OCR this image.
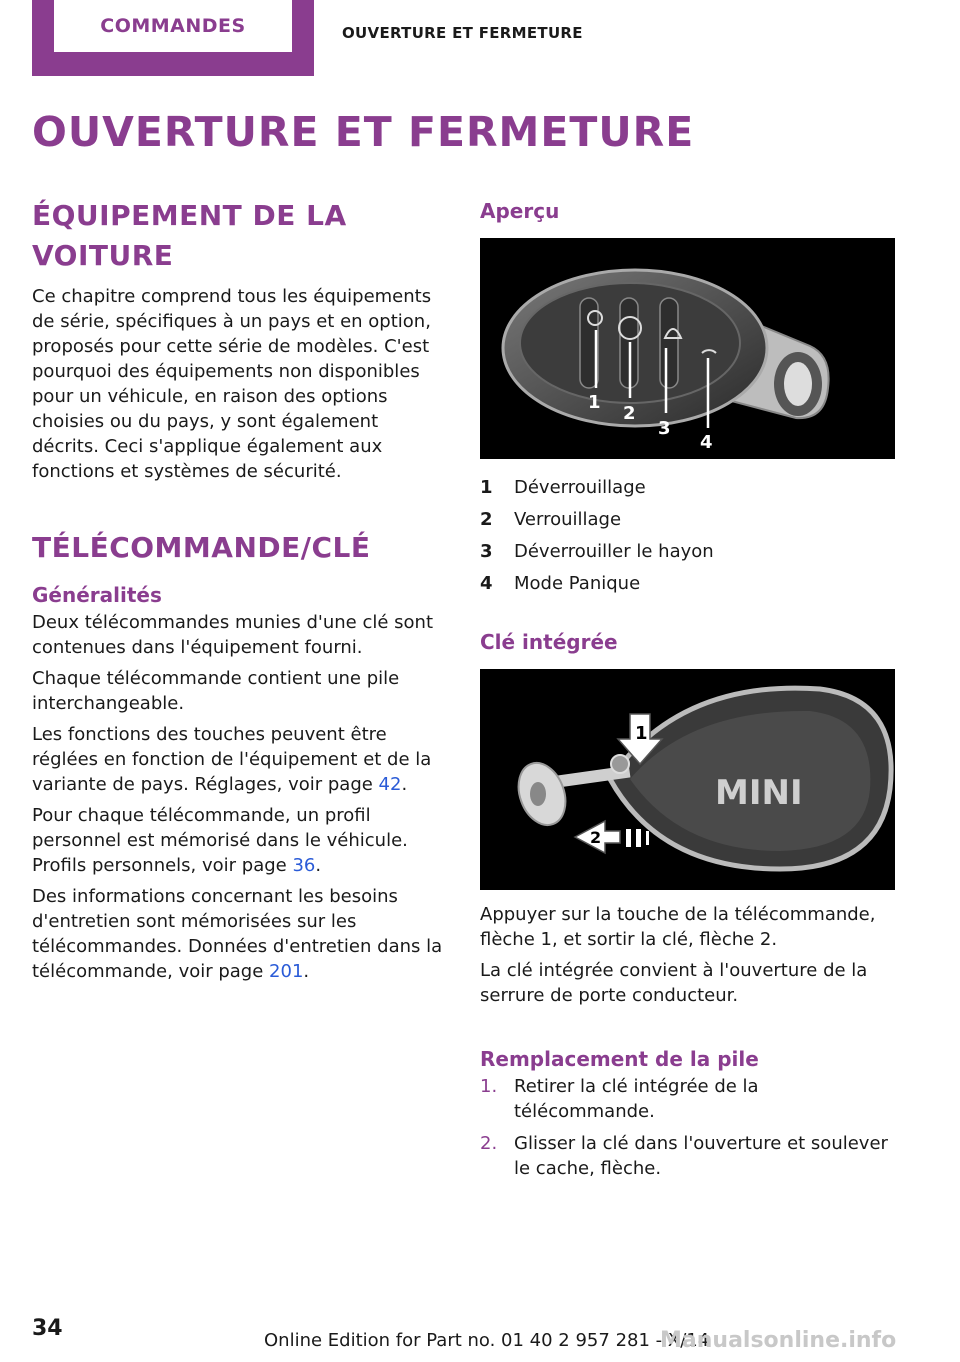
COMMANDES	OUVERTURE ET FERMETURE
OUVERTURE ET FERMETURE
ÉQUIPEMENT DE LA VOITURE

Ce chapitre comprend tous les équipements de série, spécifiques à un pays et en option, proposés pour cette série de modèles. C'est pourquoi des équipements non disponibles pour un véhicule, en raison des options choisies ou du pays, y sont également décrits. Ceci s'applique également aux fonctions et systèmes de sécurité.

TÉLÉCOMMANDE/CLÉ
Généralités

Deux télécommandes munies d'une clé sont contenues dans l'équipement fourni.

Chaque télécommande contient une pile interchangeable.

Les fonctions des touches peuvent être réglées en fonction de l'équipement et de la variante de pays. Réglages, voir page 42.

Pour chaque télécommande, un profil personnel est mémorisé dans le véhicule. Profils personnels, voir page 36.

Des informations concernant les besoins d'entretien sont mémorisées sur les télécommandes. Données d'entretien dans la télécommande, voir page 201.

Aperçu
1
2
3
4
1	Déverrouillage
2	Verrouillage
3	Déverrouiller le hayon
4	Mode Panique
Clé intégrée
MINI
1
2

Appuyer sur la touche de la télécommande, flèche 1, et sortir la clé, flèche 2.

La clé intégrée convient à l'ouverture de la serrure de porte conducteur.

Remplacement de la pile
1. Retirer la clé intégrée de la télécommande.
2. Glisser la clé dans l'ouverture et soulever le cache, flèche.
34	Online Edition for Part no. 01 40 2 957 281 - X/14
Manualsonline.info
